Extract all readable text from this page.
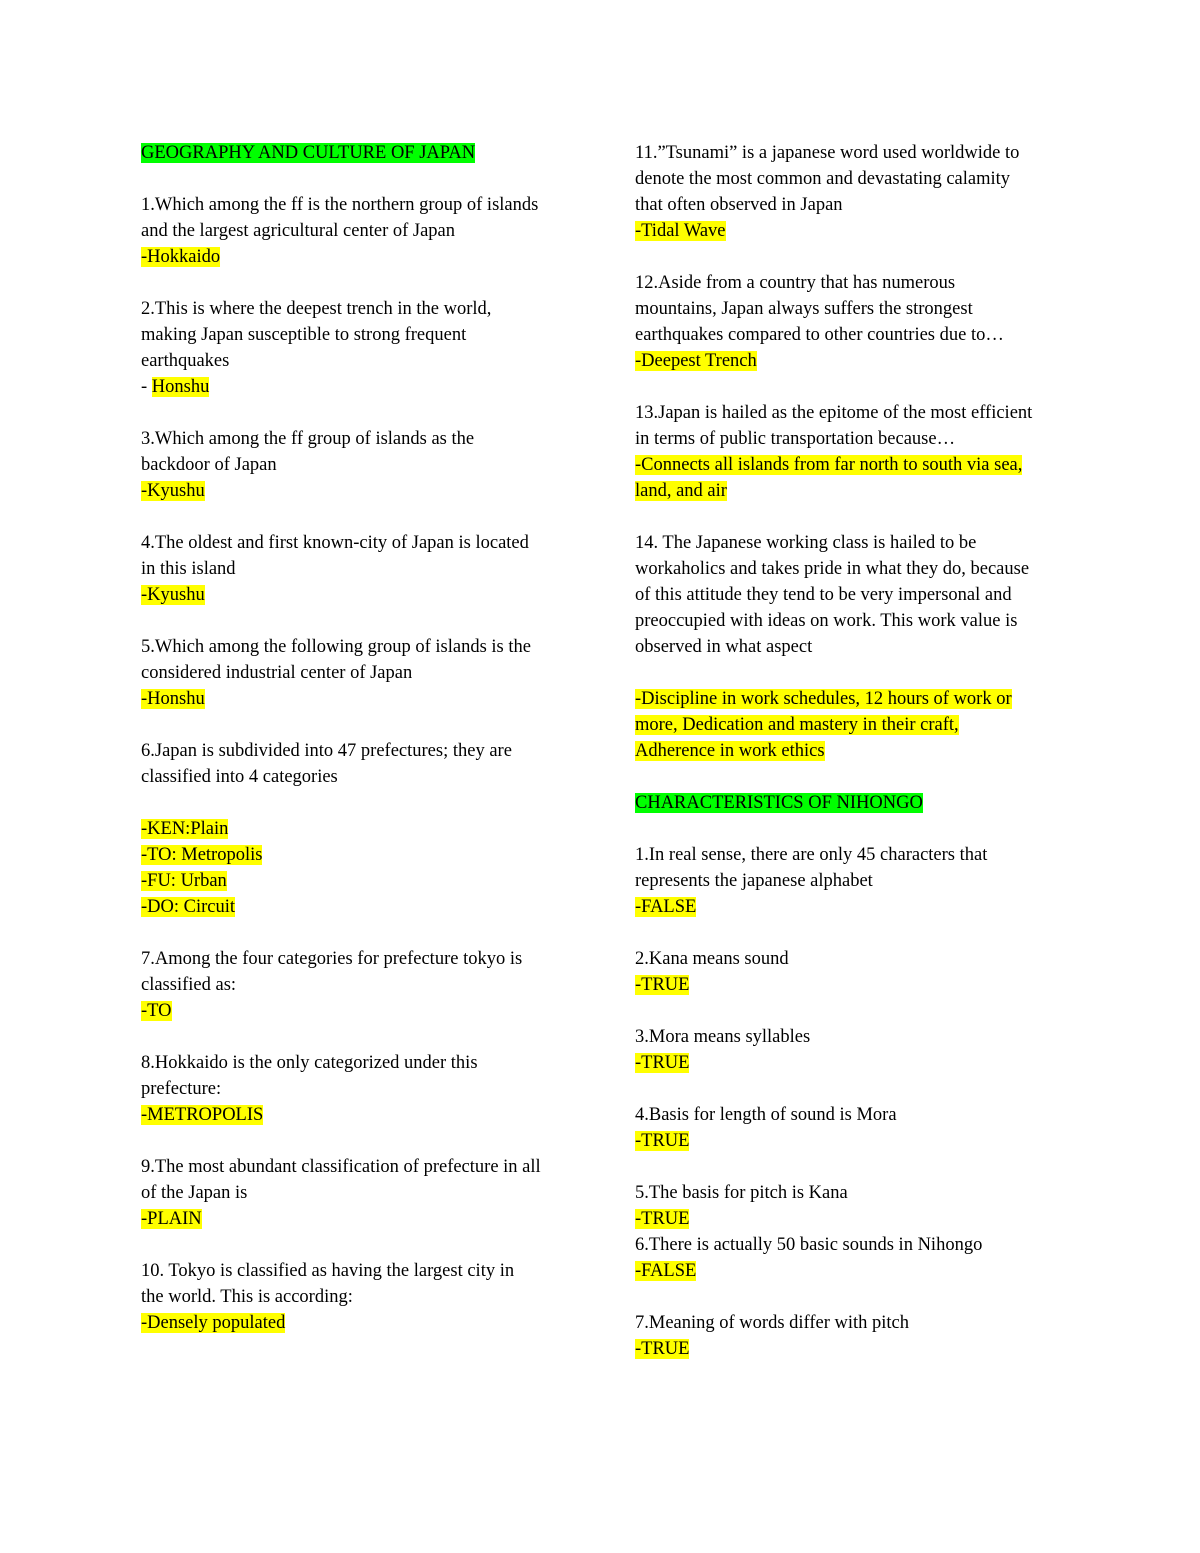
GEOGRAPHY AND CULTURE OF JAPAN
1.Which among the ff is the northern group of islands
and the largest agricultural center of Japan
-Hokkaido
2.This is where the deepest trench in the world,
making Japan susceptible to strong frequent
earthquakes
- Honshu
3.Which among the ff group of islands as the
backdoor of Japan
-Kyushu
4.The oldest and first known-city of Japan is located
in this island
-Kyushu
5.Which among the following group of islands is the
considered industrial center of Japan
-Honshu
6.Japan is subdivided into 47 prefectures; they are
classified into 4 categories
-KEN:Plain
-TO: Metropolis
-FU: Urban
-DO: Circuit
7.Among the four categories for prefecture tokyo is
classified as:
-TO
8.Hokkaido is the only categorized under this
prefecture:
-METROPOLIS
9.The most abundant classification of prefecture in all
of the Japan is
-PLAIN
10. Tokyo is classified as having the largest city in
the world. This is according:
-Densely populated
11.”Tsunami” is a japanese word used worldwide to
denote the most common and devastating calamity
that often observed in Japan
-Tidal Wave
12.Aside from a country that has numerous
mountains, Japan always suffers the strongest
earthquakes compared to other countries due to…
-Deepest Trench
13.Japan is hailed as the epitome of the most efficient
in terms of public transportation because…
-Connects all islands from far north to south via sea,
land, and air
14. The Japanese working class is hailed to be
workaholics and takes pride in what they do, because
of this attitude they tend to be very impersonal and
preoccupied with ideas on work. This work value is
observed in what aspect
-Discipline in work schedules, 12 hours of work or
more, Dedication and mastery in their craft,
Adherence in work ethics
CHARACTERISTICS OF NIHONGO
1.In real sense, there are only 45 characters that
represents the japanese alphabet
-FALSE
2.Kana means sound
-TRUE
3.Mora means syllables
-TRUE
4.Basis for length of sound is Mora
-TRUE
5.The basis for pitch is Kana
-TRUE
6.There is actually 50 basic sounds in Nihongo
-FALSE
7.Meaning of words differ with pitch
-TRUE
